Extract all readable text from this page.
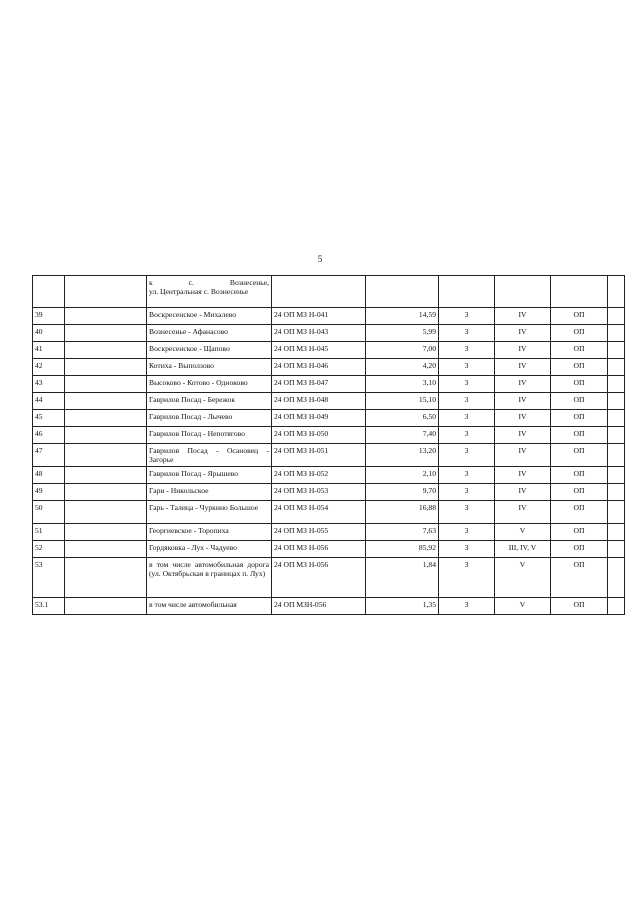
5

		к с. Вознесенье,
ул. Центральная с. Вознесенье						
39		Воскресенское - Михалево	24 ОП МЗ Н-041	14,59	3	IV	ОП	
40		Вознесенье - Афанасово	24 ОП МЗ Н-043	5,99	3	IV	ОП	
41		Воскресенское - Щапово	24 ОП МЗ Н-045	7,00	3	IV	ОП	
42		Котиха - Выползово	24 ОП МЗ Н-046	4,20	3	IV	ОП	
43		Высоково - Котово - Одноково	24 ОП МЗ Н-047	3,10	3	IV	ОП	
44		Гаврилов Посад - Бережок	24 ОП МЗ Н-048	15,10	3	IV	ОП	
45		Гаврилов Посад - Лычево	24 ОП МЗ Н-049	6,50	3	IV	ОП	
46		Гаврилов Посад - Непотягово	24 ОП МЗ Н-050	7,40	3	IV	ОП	
47		Гаврилов Посад - Осановец - Загорье	24 ОП МЗ Н-051	13,20	3	IV	ОП	
48		Гаврилов Посад - Ярышево	24 ОП МЗ Н-052	2,10	3	IV	ОП	
49		Гари - Никольское	24 ОП МЗ Н-053	9,70	3	IV	ОП	
50		Гарь - Талица - Чуркино Большое	24 ОП МЗ Н-054	16,88	3	IV	ОП	
51		Георгиевское - Торопиха	24 ОП МЗ Н-055	7,63	3	V	ОП	
52		Гордяковка - Лух - Чадуево	24 ОП МЗ Н-056	85,92	3	III, IV, V	ОП	
53		в том числе автомобильная дорога (ул. Октябрьская в границах п. Лух)	24 ОП МЗ Н-056	1,84	3	V	ОП	
53.1		в том числе автомобильная	24 ОП МЗН-056	1,35	3	V	ОП	
